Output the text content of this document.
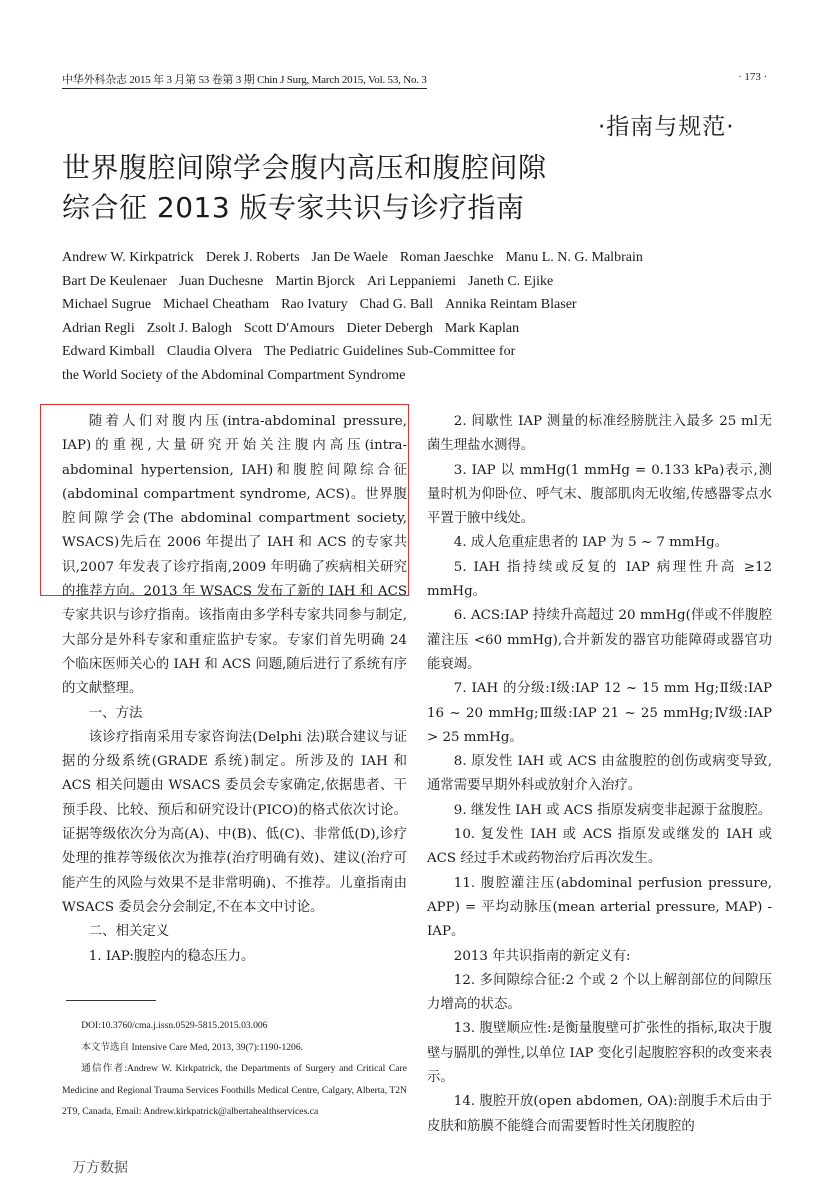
中华外科杂志 2015 年 3 月第 53 卷第 3 期 Chin J Surg, March 2015, Vol. 53, No. 3	· 173 ·
·指南与规范·
世界腹腔间隙学会腹内高压和腹腔间隙
综合征 2013 版专家共识与诊疗指南
Andrew W. Kirkpatrick Derek J. Roberts Jan De Waele Roman Jaeschke Manu L. N. G. Malbrain
Bart De Keulenaer Juan Duchesne Martin Bjorck Ari Leppaniemi Janeth C. Ejike
Michael Sugrue Michael Cheatham Rao Ivatury Chad G. Ball Annika Reintam Blaser
Adrian Regli Zsolt J. Balogh Scott D′Amours Dieter Debergh Mark Kaplan
Edward Kimball Claudia Olvera The Pediatric Guidelines Sub-Committee for
the World Society of the Abdominal Compartment Syndrome

随着人们对腹内压(intra-abdominal pressure, IAP)的重视,大量研究开始关注腹内高压(intra-abdominal hypertension, IAH)和腹腔间隙综合征(abdominal compartment syndrome, ACS)。世界腹腔间隙学会(The abdominal compartment society, WSACS)先后在 2006 年提出了 IAH 和 ACS 的专家共识,2007 年发表了诊疗指南,2009 年明确了疾病相关研究的推荐方向。2013 年 WSACS 发布了新的 IAH 和 ACS 专家共识与诊疗指南。该指南由多学科专家共同参与制定,大部分是外科专家和重症监护专家。专家们首先明确 24 个临床医师关心的 IAH 和 ACS 问题,随后进行了系统有序的文献整理。

一、方法

该诊疗指南采用专家咨询法(Delphi 法)联合建议与证据的分级系统(GRADE 系统)制定。所涉及的 IAH 和 ACS 相关问题由 WSACS 委员会专家确定,依据患者、干预手段、比较、预后和研究设计(PICO)的格式依次讨论。证据等级依次分为高(A)、中(B)、低(C)、非常低(D),诊疗处理的推荐等级依次为推荐(治疗明确有效)、建议(治疗可能产生的风险与效果不是非常明确)、不推荐。儿童指南由 WSACS 委员会分会制定,不在本文中讨论。

二、相关定义

1. IAP:腹腔内的稳态压力。

DOI:10.3760/cma.j.issn.0529-5815.2015.03.006

本文节选自 Intensive Care Med, 2013, 39(7):1190-1206.

通信作者:Andrew W. Kirkpatrick, the Departments of Surgery and Critical Care Medicine and Regional Trauma Services Foothills Medical Centre, Calgary, Alberta, T2N 2T9, Canada, Email: Andrew.kirkpatrick@albertahealthservices.ca

2. 间歇性 IAP 测量的标准经膀胱注入最多 25 ml无菌生理盐水测得。

3. IAP 以 mmHg(1 mmHg = 0.133 kPa)表示,测量时机为仰卧位、呼气末、腹部肌肉无收缩,传感器零点水平置于腋中线处。

4. 成人危重症患者的 IAP 为 5 ~ 7 mmHg。

5. IAH 指持续或反复的 IAP 病理性升高 ≥12 mmHg。

6. ACS:IAP 持续升高超过 20 mmHg(伴或不伴腹腔灌注压 <60 mmHg),合并新发的器官功能障碍或器官功能衰竭。

7. IAH 的分级:Ⅰ级:IAP 12 ~ 15 mm Hg;Ⅱ级:IAP 16 ~ 20 mmHg;Ⅲ级:IAP 21 ~ 25 mmHg;Ⅳ级:IAP > 25 mmHg。

8. 原发性 IAH 或 ACS 由盆腹腔的创伤或病变导致,通常需要早期外科或放射介入治疗。

9. 继发性 IAH 或 ACS 指原发病变非起源于盆腹腔。

10. 复发性 IAH 或 ACS 指原发或继发的 IAH 或 ACS 经过手术或药物治疗后再次发生。

11. 腹腔灌注压(abdominal perfusion pressure, APP) = 平均动脉压(mean arterial pressure, MAP) - IAP。

2013 年共识指南的新定义有:

12. 多间隙综合征:2 个或 2 个以上解剖部位的间隙压力增高的状态。

13. 腹壁顺应性:是衡量腹壁可扩张性的指标,取决于腹壁与膈肌的弹性,以单位 IAP 变化引起腹腔容积的改变来表示。

14. 腹腔开放(open abdomen, OA):剖腹手术后由于皮肤和筋膜不能缝合而需要暂时性关闭腹腔的

万方数据
